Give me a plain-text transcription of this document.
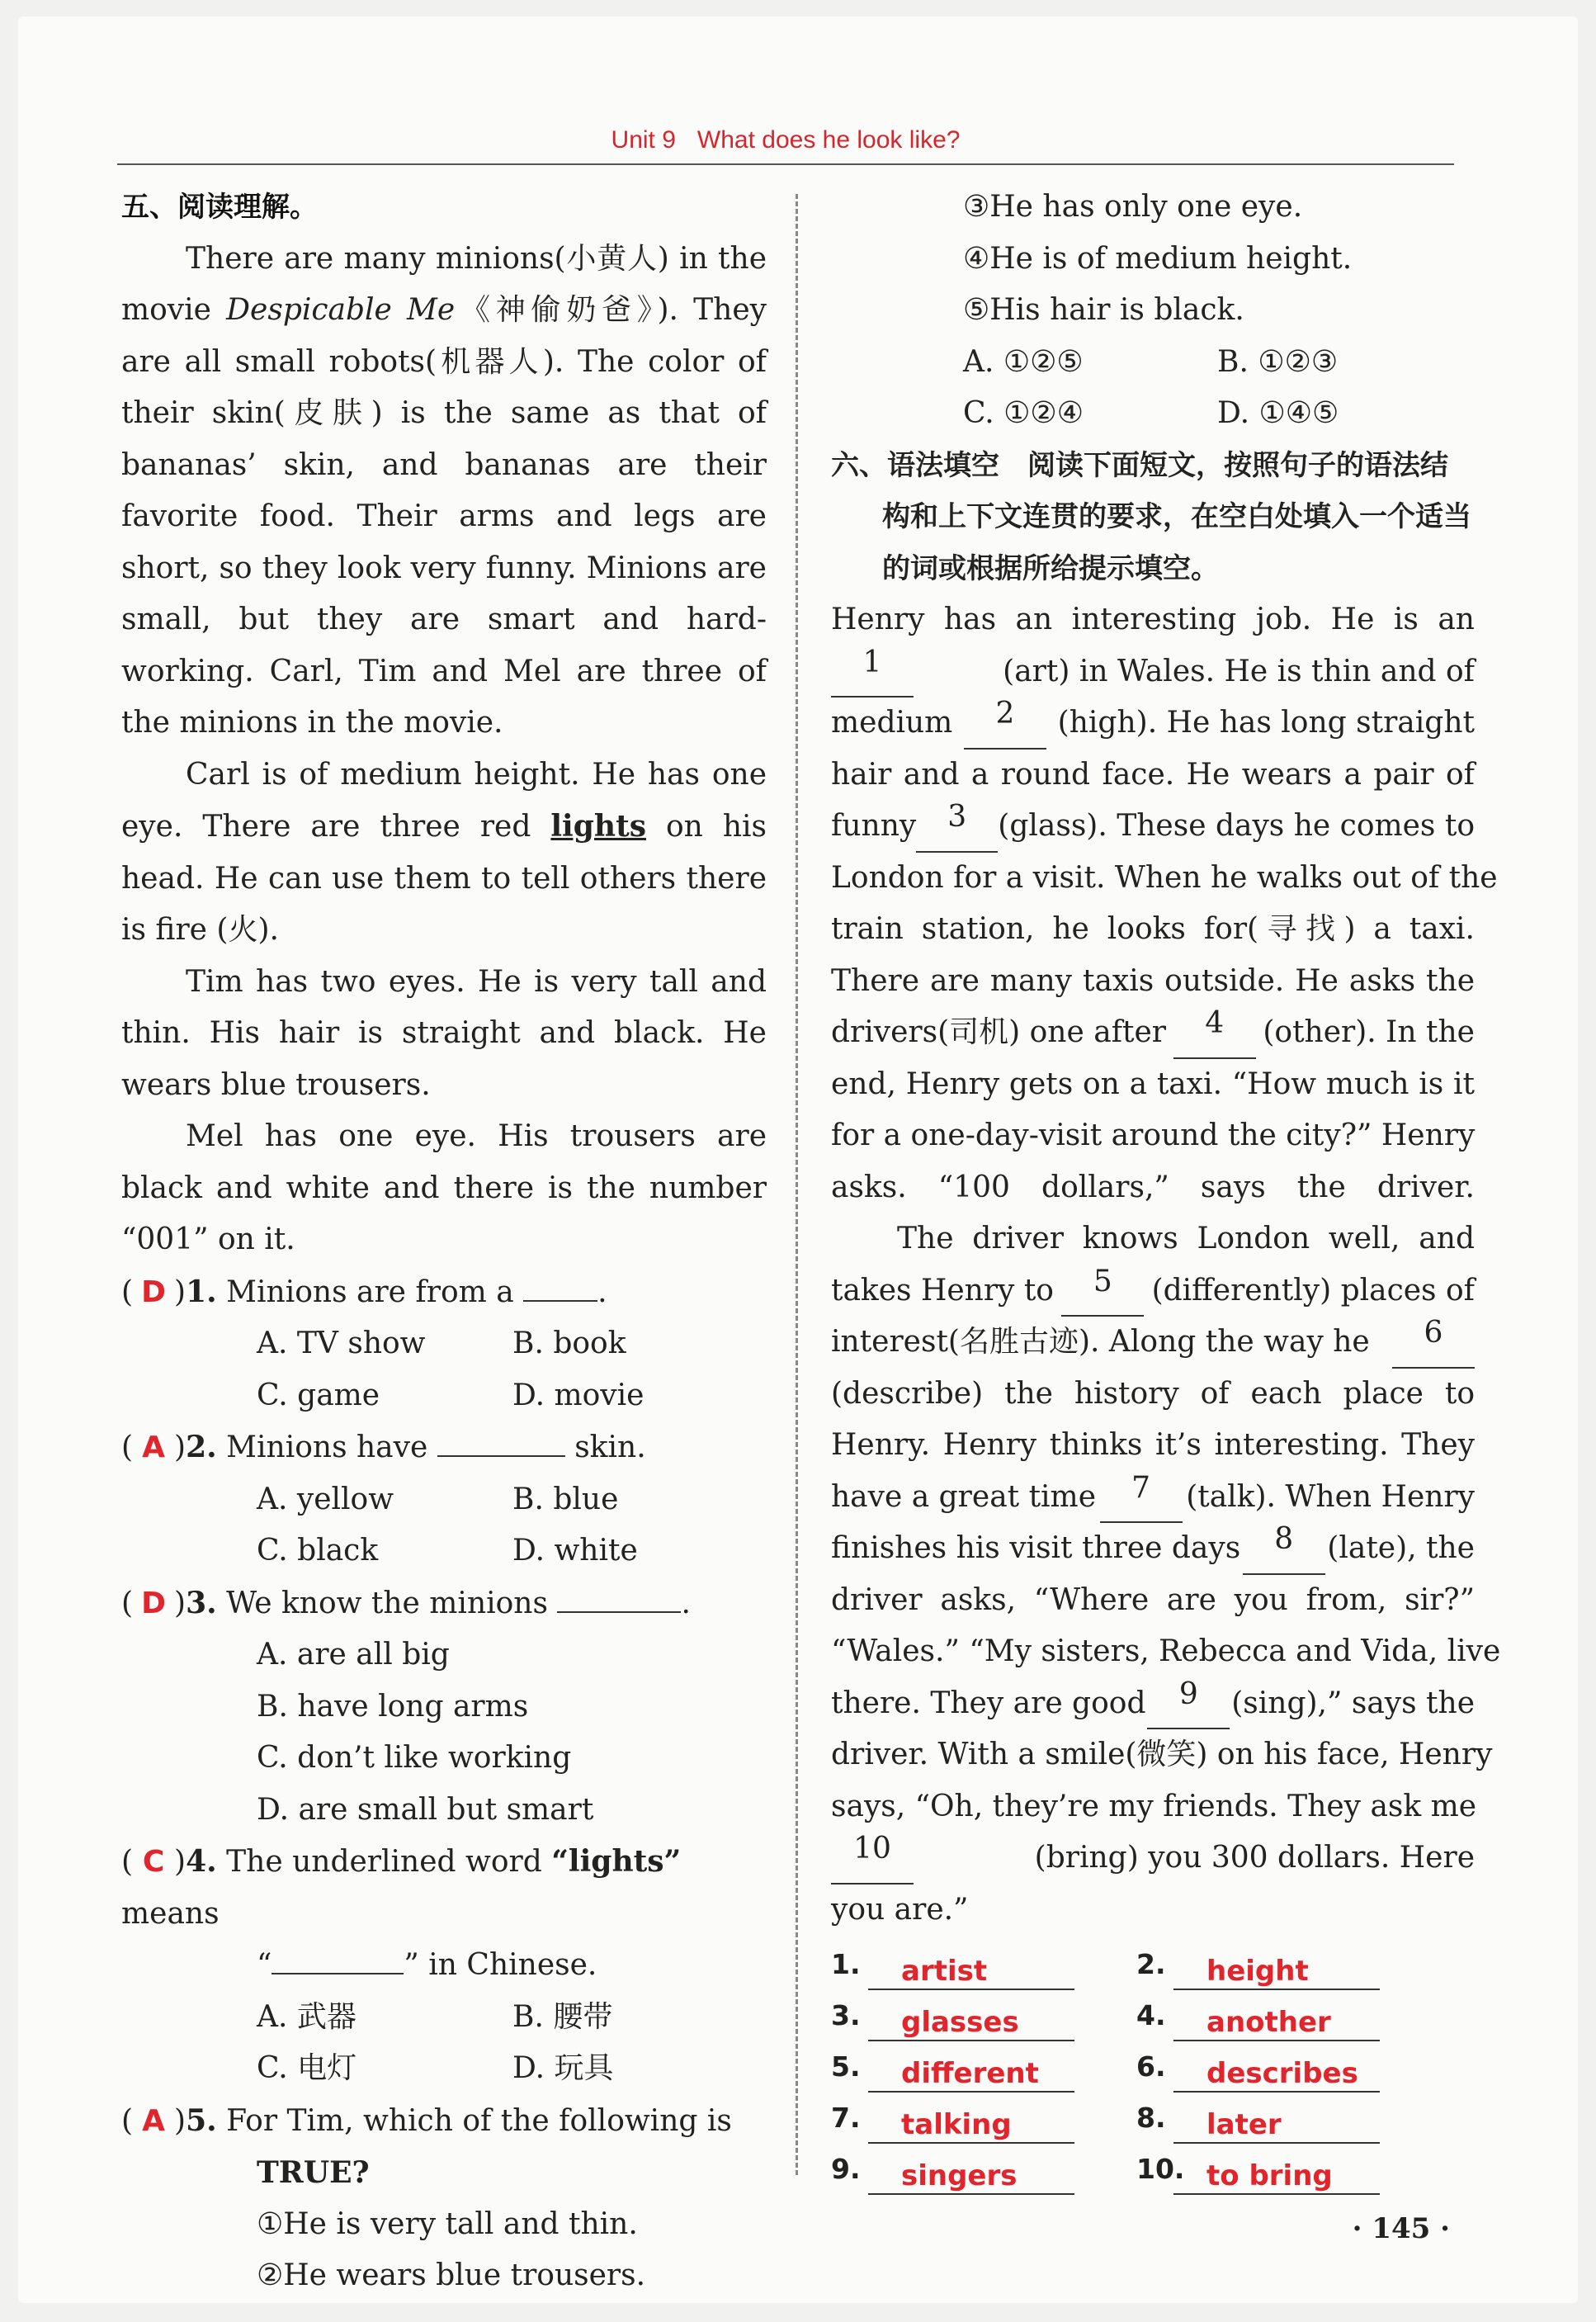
Unit 9 What does he look like?
五、阅读理解。
There are many minions(小黄人) in the movie Despicable Me《神偷奶爸》). They are all small robots(机器人). The color of their skin(皮肤) is the same as that of bananas’ skin, and bananas are their favorite food. Their arms and legs are short, so they look very funny. Minions are small, but they are smart and hard-working. Carl, Tim and Mel are three of the minions in the movie.
Carl is of medium height. He has one eye. There are three red lights on his head. He can use them to tell others there is fire (火).
Tim has two eyes. He is very tall and thin. His hair is straight and black. He wears blue trousers.
Mel has one eye. His trousers are black and white and there is the number “001” on it.
( D )1. Minions are from a	.
A. TV show	B. book
C. game	D. movie
( A )2. Minions have	skin.
A. yellow	B. blue
C. black	D. white
( D )3. We know the minions	.
A. are all big
B. have long arms
C. don’t like working
D. are small but smart
( C )4. The underlined word “lights” means
“	” in Chinese.
A. 武器	B. 腰带
C. 电灯	D. 玩具
( A )5. For Tim, which of the following is
TRUE?
①He is very tall and thin.
②He wears blue trousers.
③He has only one eye.
④He is of medium height.
⑤His hair is black.
A. ①②⑤	B. ①②③
C. ①②④	D. ①④⑤
六、语法填空　阅读下面短文，按照句子的语法结构和上下文连贯的要求，在空白处填入一个适当的词或根据所给提示填空。
Henry has an interesting job. He is an
1	(art) in Wales. He is thin and of
medium	2	(high). He has long straight
hair and a round face. He wears a pair of
funny	3	(glass). These days he comes to
London for a visit. When he walks out of the
train station, he looks for(寻找) a taxi.
There are many taxis outside. He asks the
drivers(司机) one after	4	(other). In the
end, Henry gets on a taxi. “How much is it
for a one-day-visit around the city?” Henry
asks. “100 dollars,” says the driver.
The driver knows London well, and
takes Henry to	5	(differently) places of
interest(名胜古迹). Along the way he	6
(describe) the history of each place to
Henry. Henry thinks it’s interesting. They
have a great time	7	(talk). When Henry
finishes his visit three days	8	(late), the
driver asks, “Where are you from, sir?”
“Wales.” “My sisters, Rebecca and Vida, live
there. They are good	9	(sing),” says the
driver. With a smile(微笑) on his face, Henry
says, “Oh, they’re my friends. They ask me
10	(bring) you 300 dollars. Here
you are.”
1.	artist	2.	height
3.	glasses	4.	another
5.	different	6.	describes
7.	talking	8.	later
9.	singers	10. to bring
· 145 ·
